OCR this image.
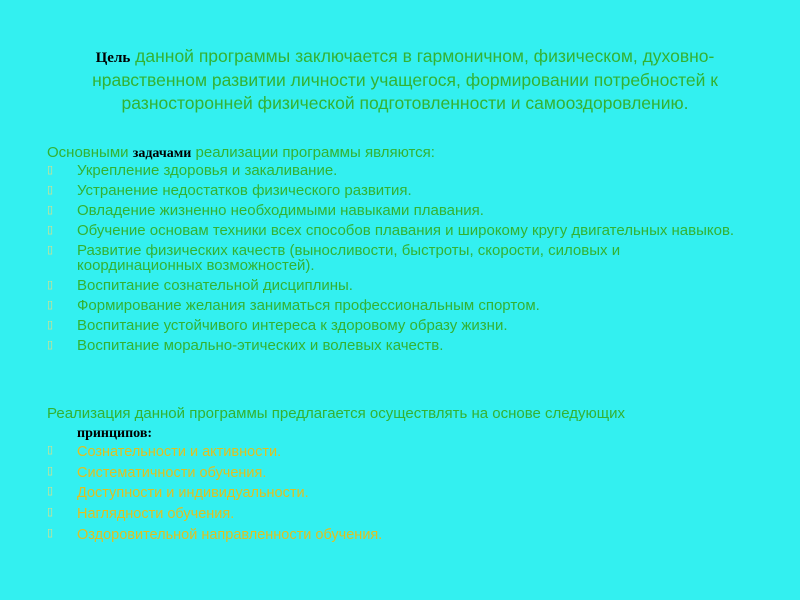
Цель данной программы заключается в гармоничном, физическом, духовно-нравственном развитии личности учащегося, формировании потребностей к разносторонней физической подготовленности и самооздоровлению.

Основными задачами реализации программы являются:

▯ Укрепление здоровья и закаливание.
▯ Устранение недостатков физического развития.
▯ Овладение жизненно необходимыми навыками плавания.
▯ Обучение основам техники всех способов плавания и широкому кругу двигательных навыков.
▯ Развитие физических качеств (выносливости, быстроты, скорости, силовых и координационных возможностей).
▯ Воспитание сознательной дисциплины.
▯ Формирование желания заниматься профессиональным спортом.
▯ Воспитание устойчивого интереса к здоровому образу жизни.
▯ Воспитание морально-этических и волевых качеств.

Реализация данной программы предлагается осуществлять на основе следующих
принципов:

▯ Сознательности и активности.
▯ Систематичности обучения.
▯ Доступности и индивидуальности.
▯ Наглядности обучения.
▯ Оздоровительной направленности обучения.
